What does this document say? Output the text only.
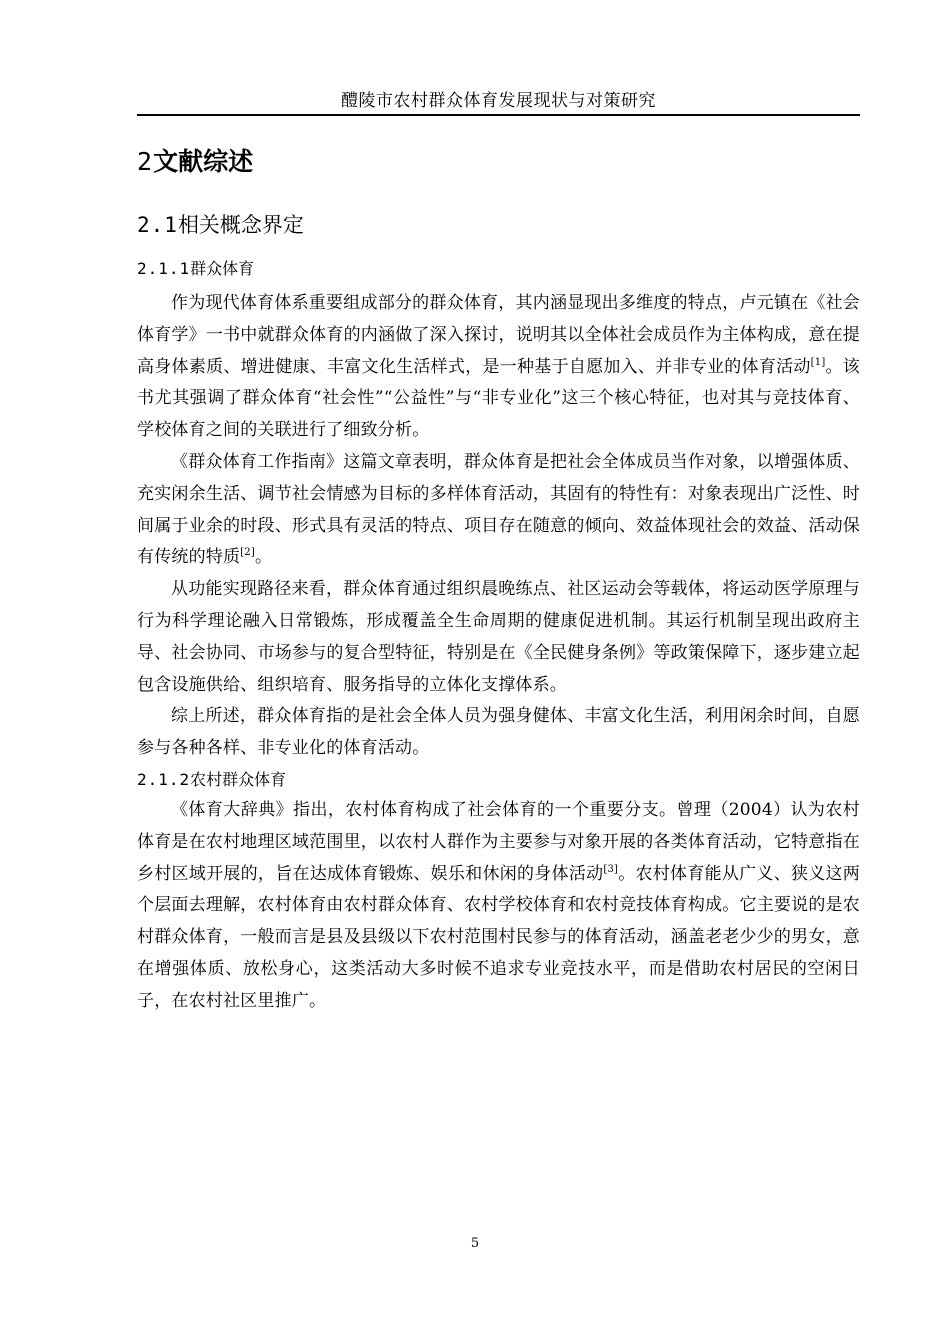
醴陵市农村群众体育发展现状与对策研究
2文献综述
2.1相关概念界定
2.1.1群众体育

作为现代体育体系重要组成部分的群众体育，其内涵显现出多维度的特点，卢元镇在《社会体育学》一书中就群众体育的内涵做了深入探讨，说明其以全体社会成员作为主体构成，意在提高身体素质、增进健康、丰富文化生活样式，是一种基于自愿加入、并非专业的体育活动[1]。该书尤其强调了群众体育“社会性”“公益性”与“非专业化”这三个核心特征，也对其与竞技体育、学校体育之间的关联进行了细致分析。

《群众体育工作指南》这篇文章表明，群众体育是把社会全体成员当作对象，以增强体质、充实闲余生活、调节社会情感为目标的多样体育活动，其固有的特性有：对象表现出广泛性、时间属于业余的时段、形式具有灵活的特点、项目存在随意的倾向、效益体现社会的效益、活动保有传统的特质[2]。

从功能实现路径来看，群众体育通过组织晨晚练点、社区运动会等载体，将运动医学原理与行为科学理论融入日常锻炼，形成覆盖全生命周期的健康促进机制。其运行机制呈现出政府主导、社会协同、市场参与的复合型特征，特别是在《全民健身条例》等政策保障下，逐步建立起包含设施供给、组织培育、服务指导的立体化支撑体系。

综上所述，群众体育指的是社会全体人员为强身健体、丰富文化生活，利用闲余时间，自愿参与各种各样、非专业化的体育活动。

2.1.2农村群众体育

《体育大辞典》指出，农村体育构成了社会体育的一个重要分支。曾理（2004）认为农村体育是在农村地理区域范围里，以农村人群作为主要参与对象开展的各类体育活动，它特意指在乡村区域开展的，旨在达成体育锻炼、娱乐和休闲的身体活动[3]。农村体育能从广义、狭义这两个层面去理解，农村体育由农村群众体育、农村学校体育和农村竞技体育构成。它主要说的是农村群众体育，一般而言是县及县级以下农村范围村民参与的体育活动，涵盖老老少少的男女，意在增强体质、放松身心，这类活动大多时候不追求专业竞技水平，而是借助农村居民的空闲日子，在农村社区里推广。

5
